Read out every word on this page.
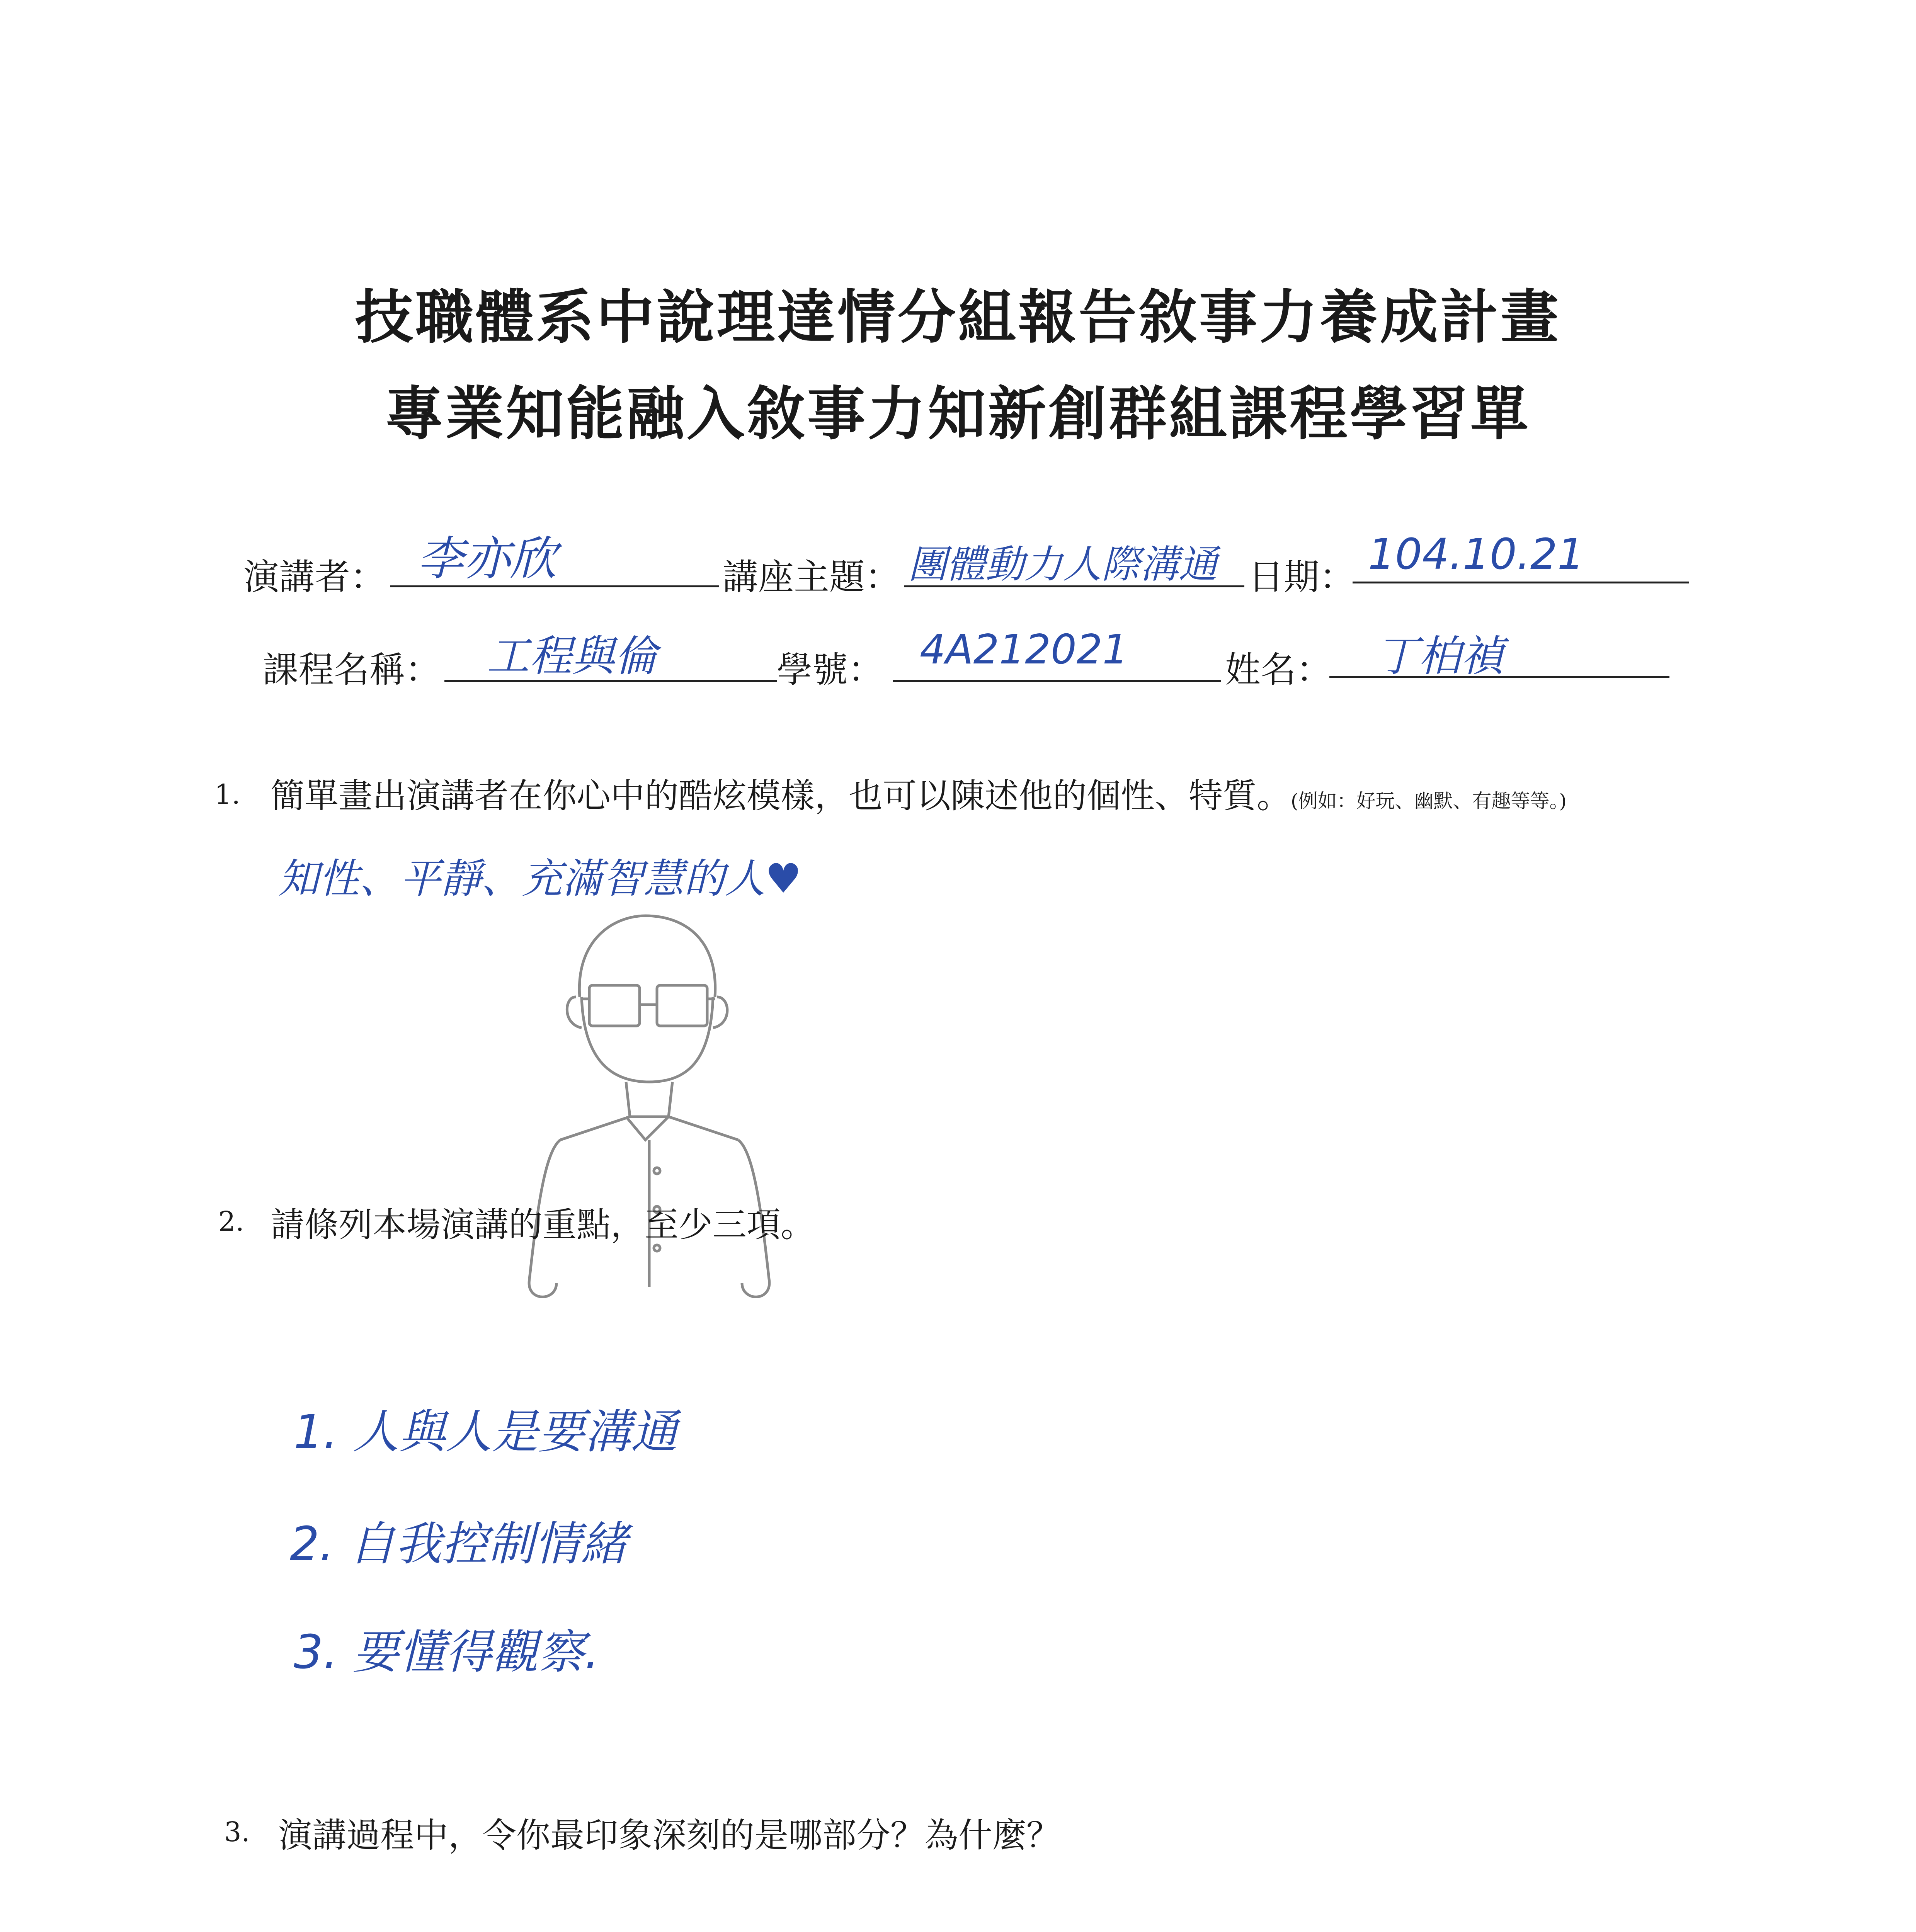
技職體系中說理達情分組報告敘事力養成計畫
專業知能融入敘事力知新創群組課程學習單
演講者： 李亦欣	講座主題： 團體動力人際溝通 日期： 104.10.21
課程名稱： 工程與倫	學號： 4A212021	姓名： 丁柏禎
1. 簡單畫出演講者在你心中的酷炫模樣，也可以陳述他的個性、特質。(例如：好玩、幽默、有趣等等。)
知性、平靜、充滿智慧的人♥
2. 請條列本場演講的重點，至少三項。
1. 人與人是要溝通
2. 自我控制情緒
3. 要懂得觀察.
3. 演講過程中，令你最印象深刻的是哪部分？為什麼？
